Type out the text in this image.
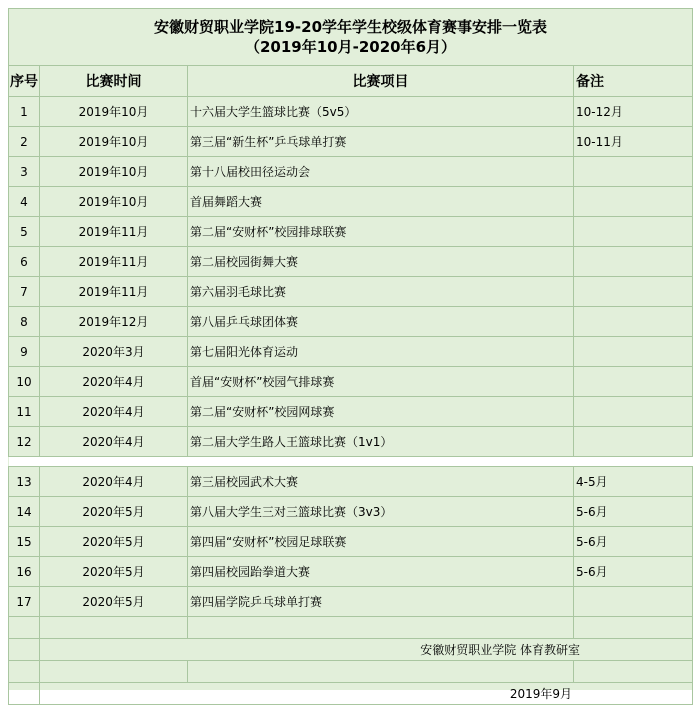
安徽财贸职业学院19-20学年学生校级体育赛事安排一览表
（2019年10月-2020年6月）			

序号	比赛时间	比赛项目	备注
1	2019年10月	十六届大学生篮球比赛（5v5）	10-12月
2	2019年10月	第三届“新生杯”乒乓球单打赛	10-11月
3	2019年10月	第十八届校田径运动会	
4	2019年10月	首届舞蹈大赛	
5	2019年11月	第二届“安财杯”校园排球联赛	
6	2019年11月	第二届校园街舞大赛	
7	2019年11月	第六届羽毛球比赛	
8	2019年12月	第八届乒乓球团体赛	
9	2020年3月	第七届阳光体育运动	
10	2020年4月	首届“安财杯”校园气排球赛	
11	2020年4月	第二届“安财杯”校园网球赛	
12	2020年4月	第二届大学生路人王篮球比赛（1v1）	

13	2020年4月	第三届校园武术大赛	4-5月
14	2020年5月	第八届大学生三对三篮球比赛（3v3）	5-6月
15	2020年5月	第四届“安财杯”校园足球联赛	5-6月
16	2020年5月	第四届校园跆拳道大赛	5-6月
17	2020年5月	第四届学院乒乓球单打赛	

	安徽财贸职业学院 体育教研室		

	2019年9月		
